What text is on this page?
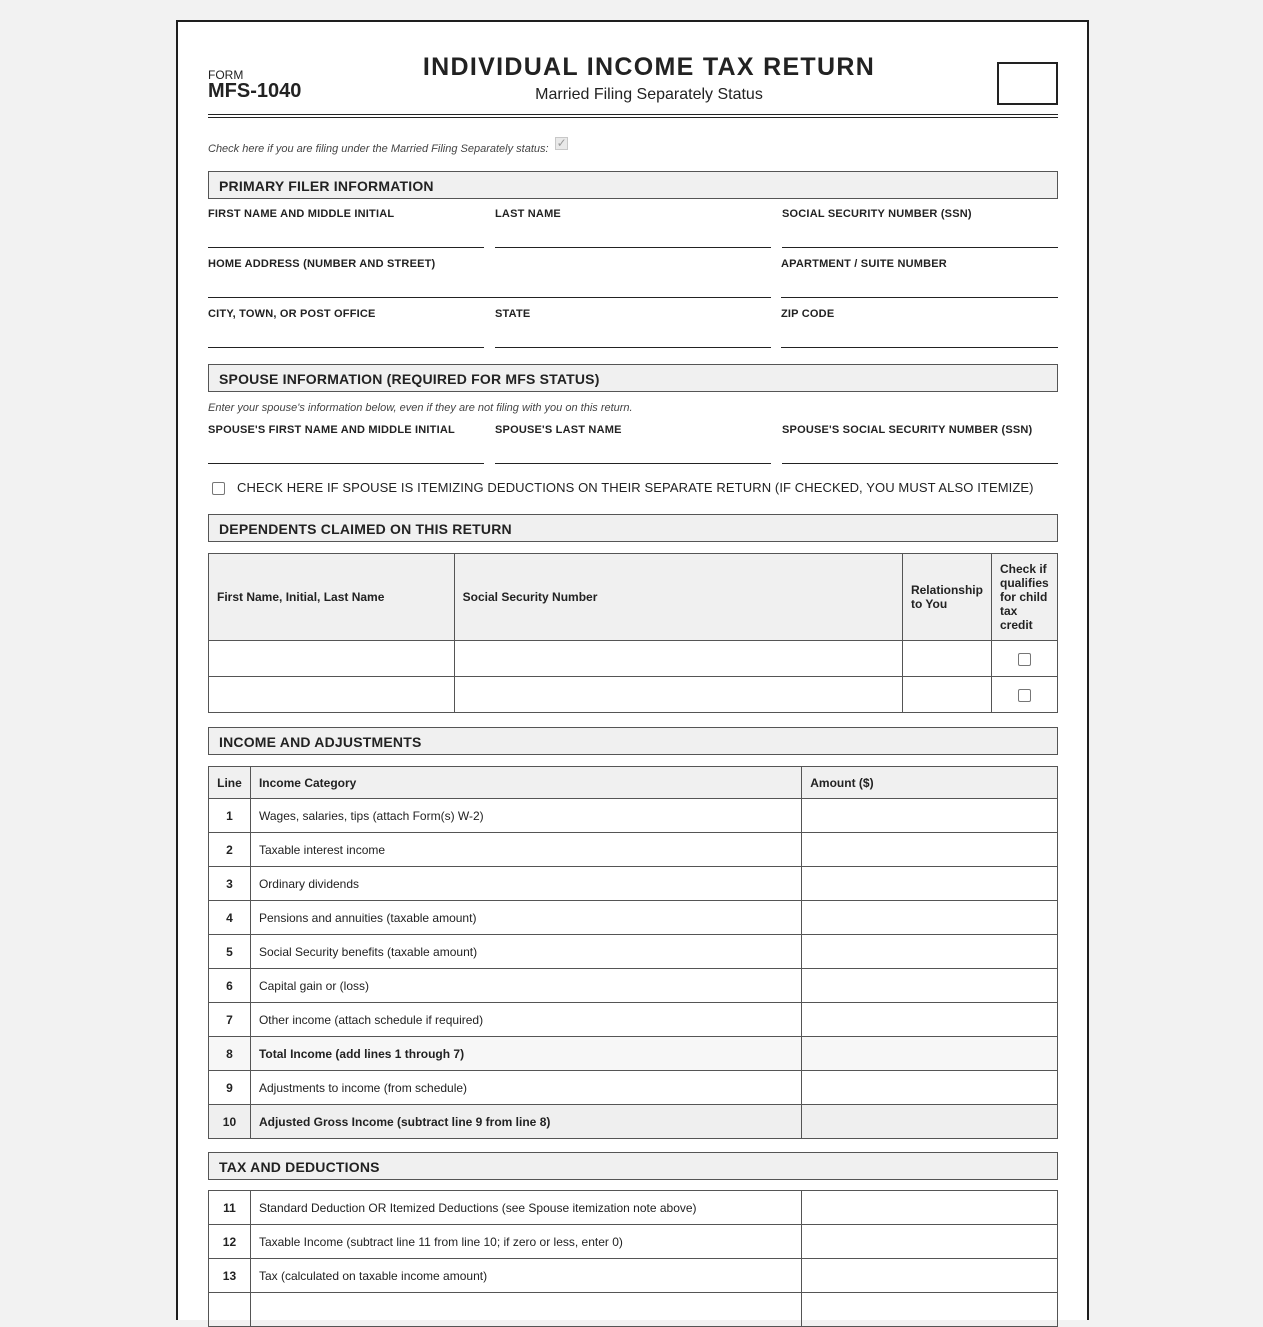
FORM
MFS-1040
INDIVIDUAL INCOME TAX RETURN
Married Filing Separately Status
Check here if you are filing under the Married Filing Separately status:✓
PRIMARY FILER INFORMATION
FIRST NAME AND MIDDLE INITIAL	LAST NAME	SOCIAL SECURITY NUMBER (SSN)
HOME ADDRESS (NUMBER AND STREET)	APARTMENT / SUITE NUMBER
CITY, TOWN, OR POST OFFICE	STATE	ZIP CODE
SPOUSE INFORMATION (REQUIRED FOR MFS STATUS)
Enter your spouse's information below, even if they are not filing with you on this return.
SPOUSE'S FIRST NAME AND MIDDLE INITIAL	SPOUSE'S LAST NAME	SPOUSE'S SOCIAL SECURITY NUMBER (SSN)
CHECK HERE IF SPOUSE IS ITEMIZING DEDUCTIONS ON THEIR SEPARATE RETURN (IF CHECKED, YOU MUST ALSO ITEMIZE)
DEPENDENTS CLAIMED ON THIS RETURN
First Name, Initial, Last Name	Social Security Number	Relationship to You	Check if qualifies for child tax credit

INCOME AND ADJUSTMENTS
Line	Income Category	Amount ($)
1	Wages, salaries, tips (attach Form(s) W-2)	
2	Taxable interest income	
3	Ordinary dividends	
4	Pensions and annuities (taxable amount)	
5	Social Security benefits (taxable amount)	
6	Capital gain or (loss)	
7	Other income (attach schedule if required)	
8	Total Income (add lines 1 through 7)	
9	Adjustments to income (from schedule)	
10	Adjusted Gross Income (subtract line 9 from line 8)	
TAX AND DEDUCTIONS
11	Standard Deduction OR Itemized Deductions (see Spouse itemization note above)	
12	Taxable Income (subtract line 11 from line 10; if zero or less, enter 0)	
13	Tax (calculated on taxable income amount)	
